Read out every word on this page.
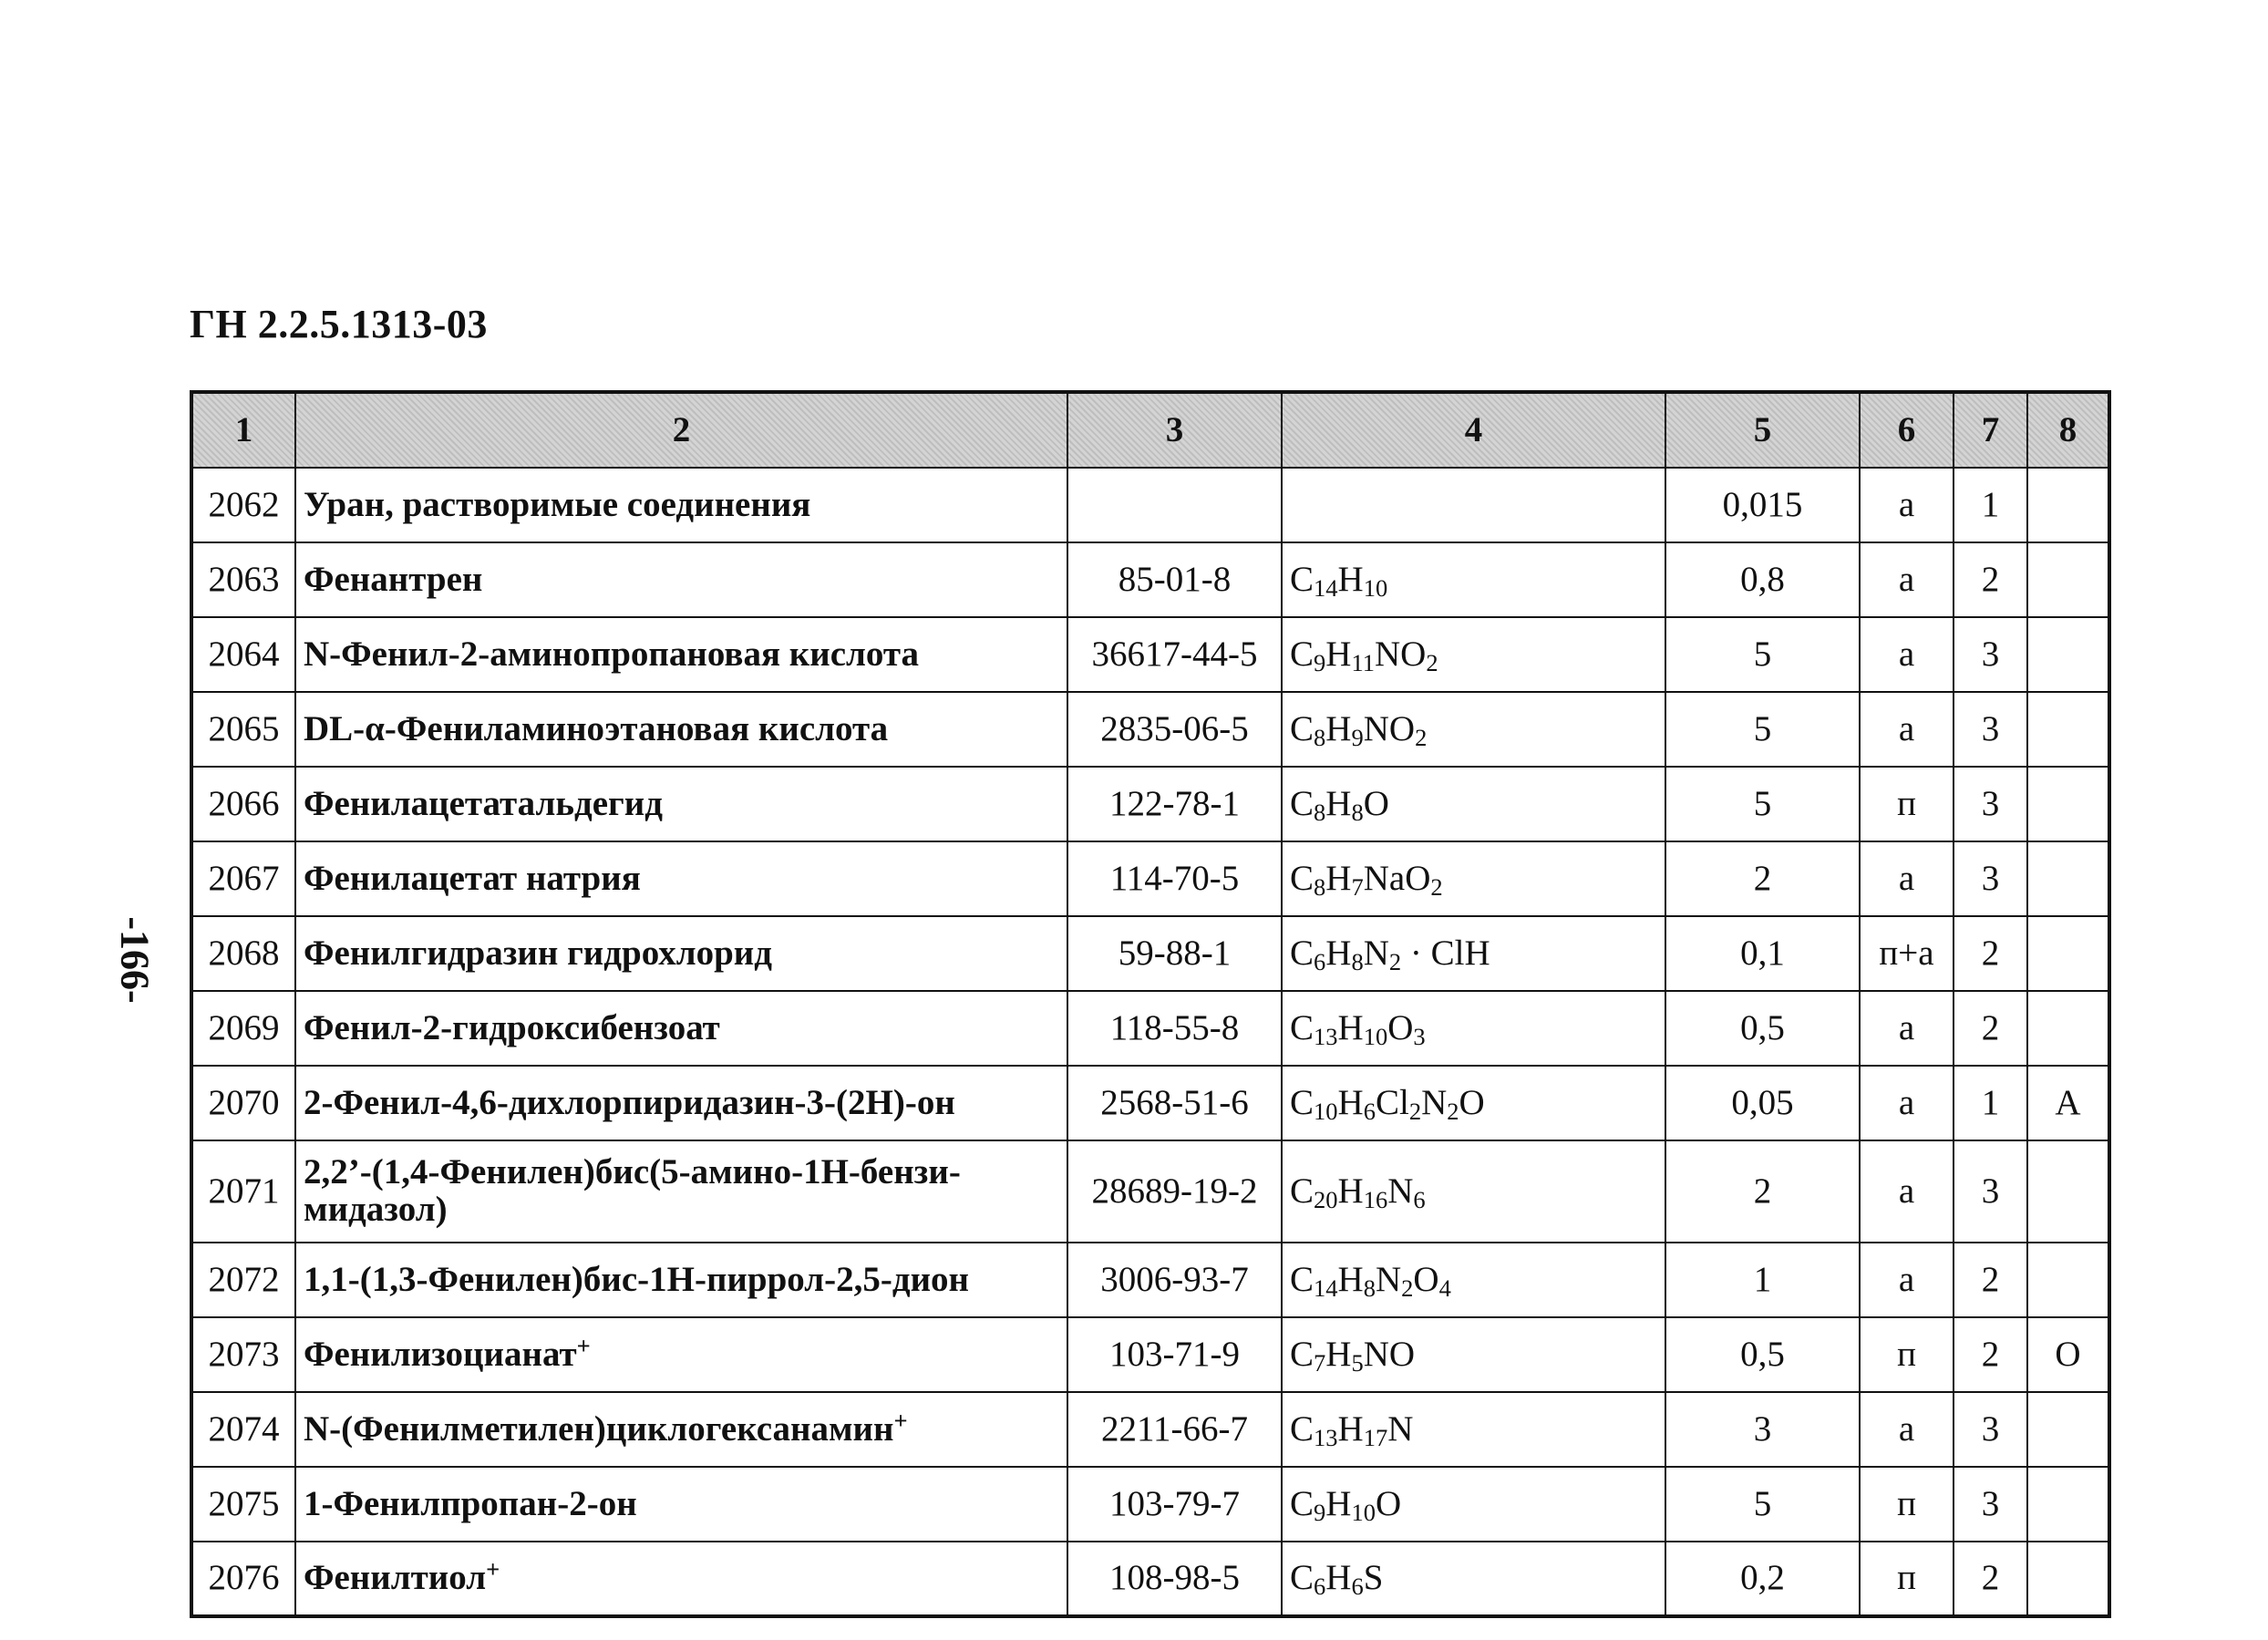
ГН 2.2.5.1313-03
-166-
1	2	3	4	5	6	7	8
2062	Уран, растворимые соединения			0,015	а	1	
2063	Фенантрен	85-01-8	$C_{14}H_{10}$	0,8	а	2	
2064	N-Фенил-2-аминопропановая кислота	36617-44-5	$C_9H_{11}NO_2$	5	а	3	
2065	DL-α-Фениламиноэтановая кислота	2835-06-5	$C_8H_9NO_2$	5	а	3	
2066	Фенилацетатальдегид	122-78-1	$C_8H_8O$	5	п	3	
2067	Фенилацетат натрия	114-70-5	$C_8H_7NaO_2$	2	а	3	
2068	Фенилгидразин гидрохлорид	59-88-1	$C_6H_8N_2$ · ClH	0,1	п+а	2	
2069	Фенил-2-гидроксибензоат	118-55-8	$C_{13}H_{10}O_3$	0,5	а	2	
2070	2-Фенил-4,6-дихлорпиридазин-3-(2H)-он	2568-51-6	$C_{10}H_6Cl_2N_2O$	0,05	а	1	А
2071	2,2’-(1,4-Фенилен)бис(5-амино-1H-бензи-мидазол)	28689-19-2	$C_{20}H_{16}N_6$	2	а	3	
2072	1,1-(1,3-Фенилен)бис-1H-пиррол-2,5-дион	3006-93-7	$C_{14}H_8N_2O_4$	1	а	2	
2073	Фенилизоцианат+	103-71-9	$C_7H_5NO$	0,5	п	2	О
2074	N-(Фенилметилен)циклогексанамин+	2211-66-7	$C_{13}H_{17}N$	3	а	3	
2075	1-Фенилпропан-2-он	103-79-7	$C_9H_{10}O$	5	п	3	
2076	Фенилтиол+	108-98-5	$C_6H_6S$	0,2	п	2	
